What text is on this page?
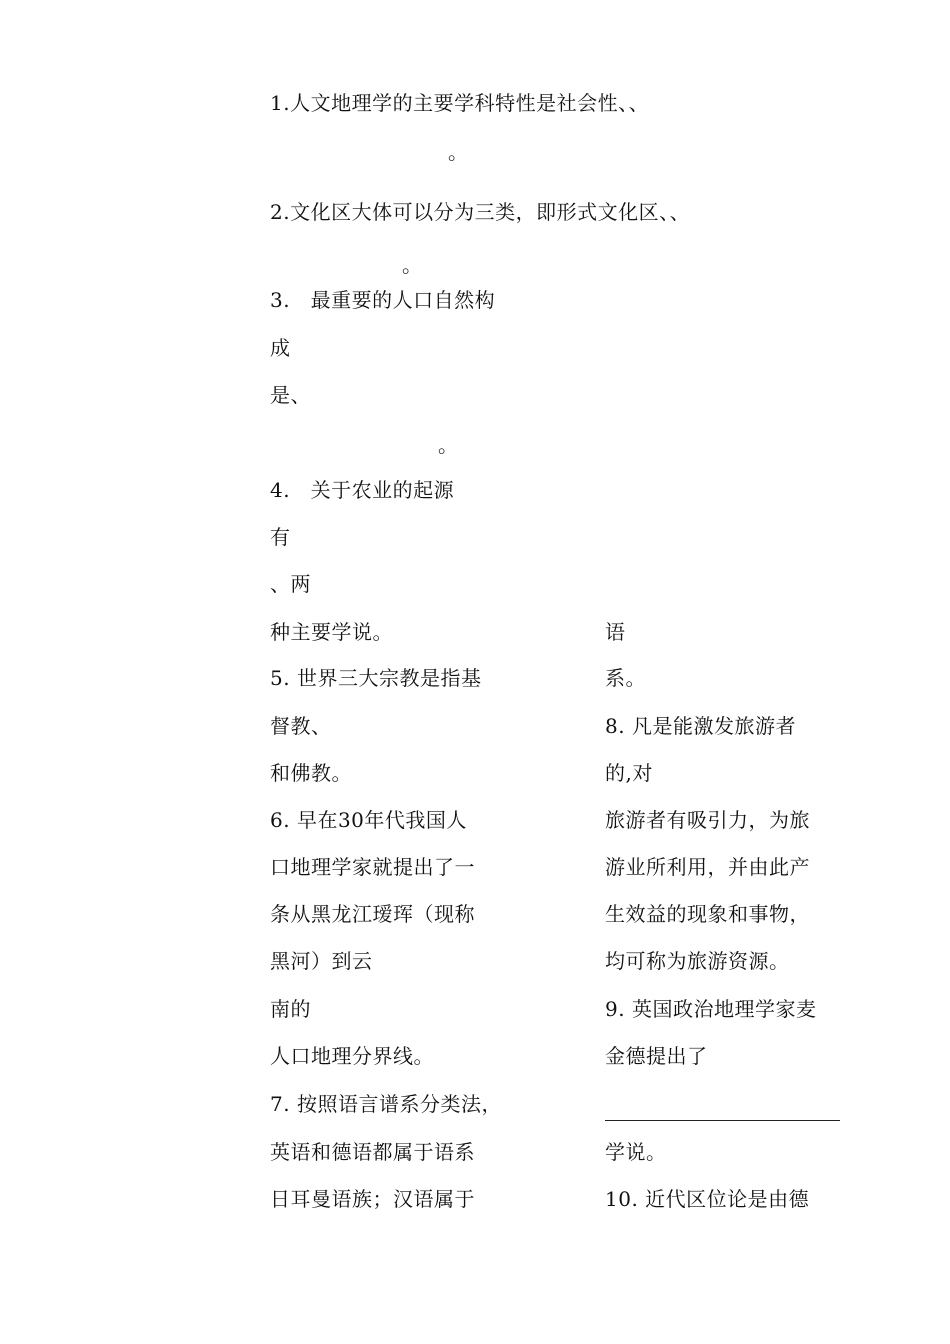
1.人文地理学的主要学科特性是社会性、、
。
2.文化区大体可以分为三类，即形式文化区、、
。
3.　最重要的人口自然构
成
是、
。
4.　关于农业的起源
有
、两
种主要学说。
5. 世界三大宗教是指基
督教、
和佛教。
6. 早在30年代我国人
口地理学家就提出了一
条从黑龙江瑷珲（现称
黑河）到云
南的
人口地理分界线。
7. 按照语言谱系分类法，
英语和德语都属于语系
日耳曼语族；汉语属于
语
系。
8. 凡是能激发旅游者
的,对
旅游者有吸引力，为旅
游业所利用，并由此产
生效益的现象和事物，
均可称为旅游资源。
9. 英国政治地理学家麦
金德提出了
学说。
10. 近代区位论是由德
